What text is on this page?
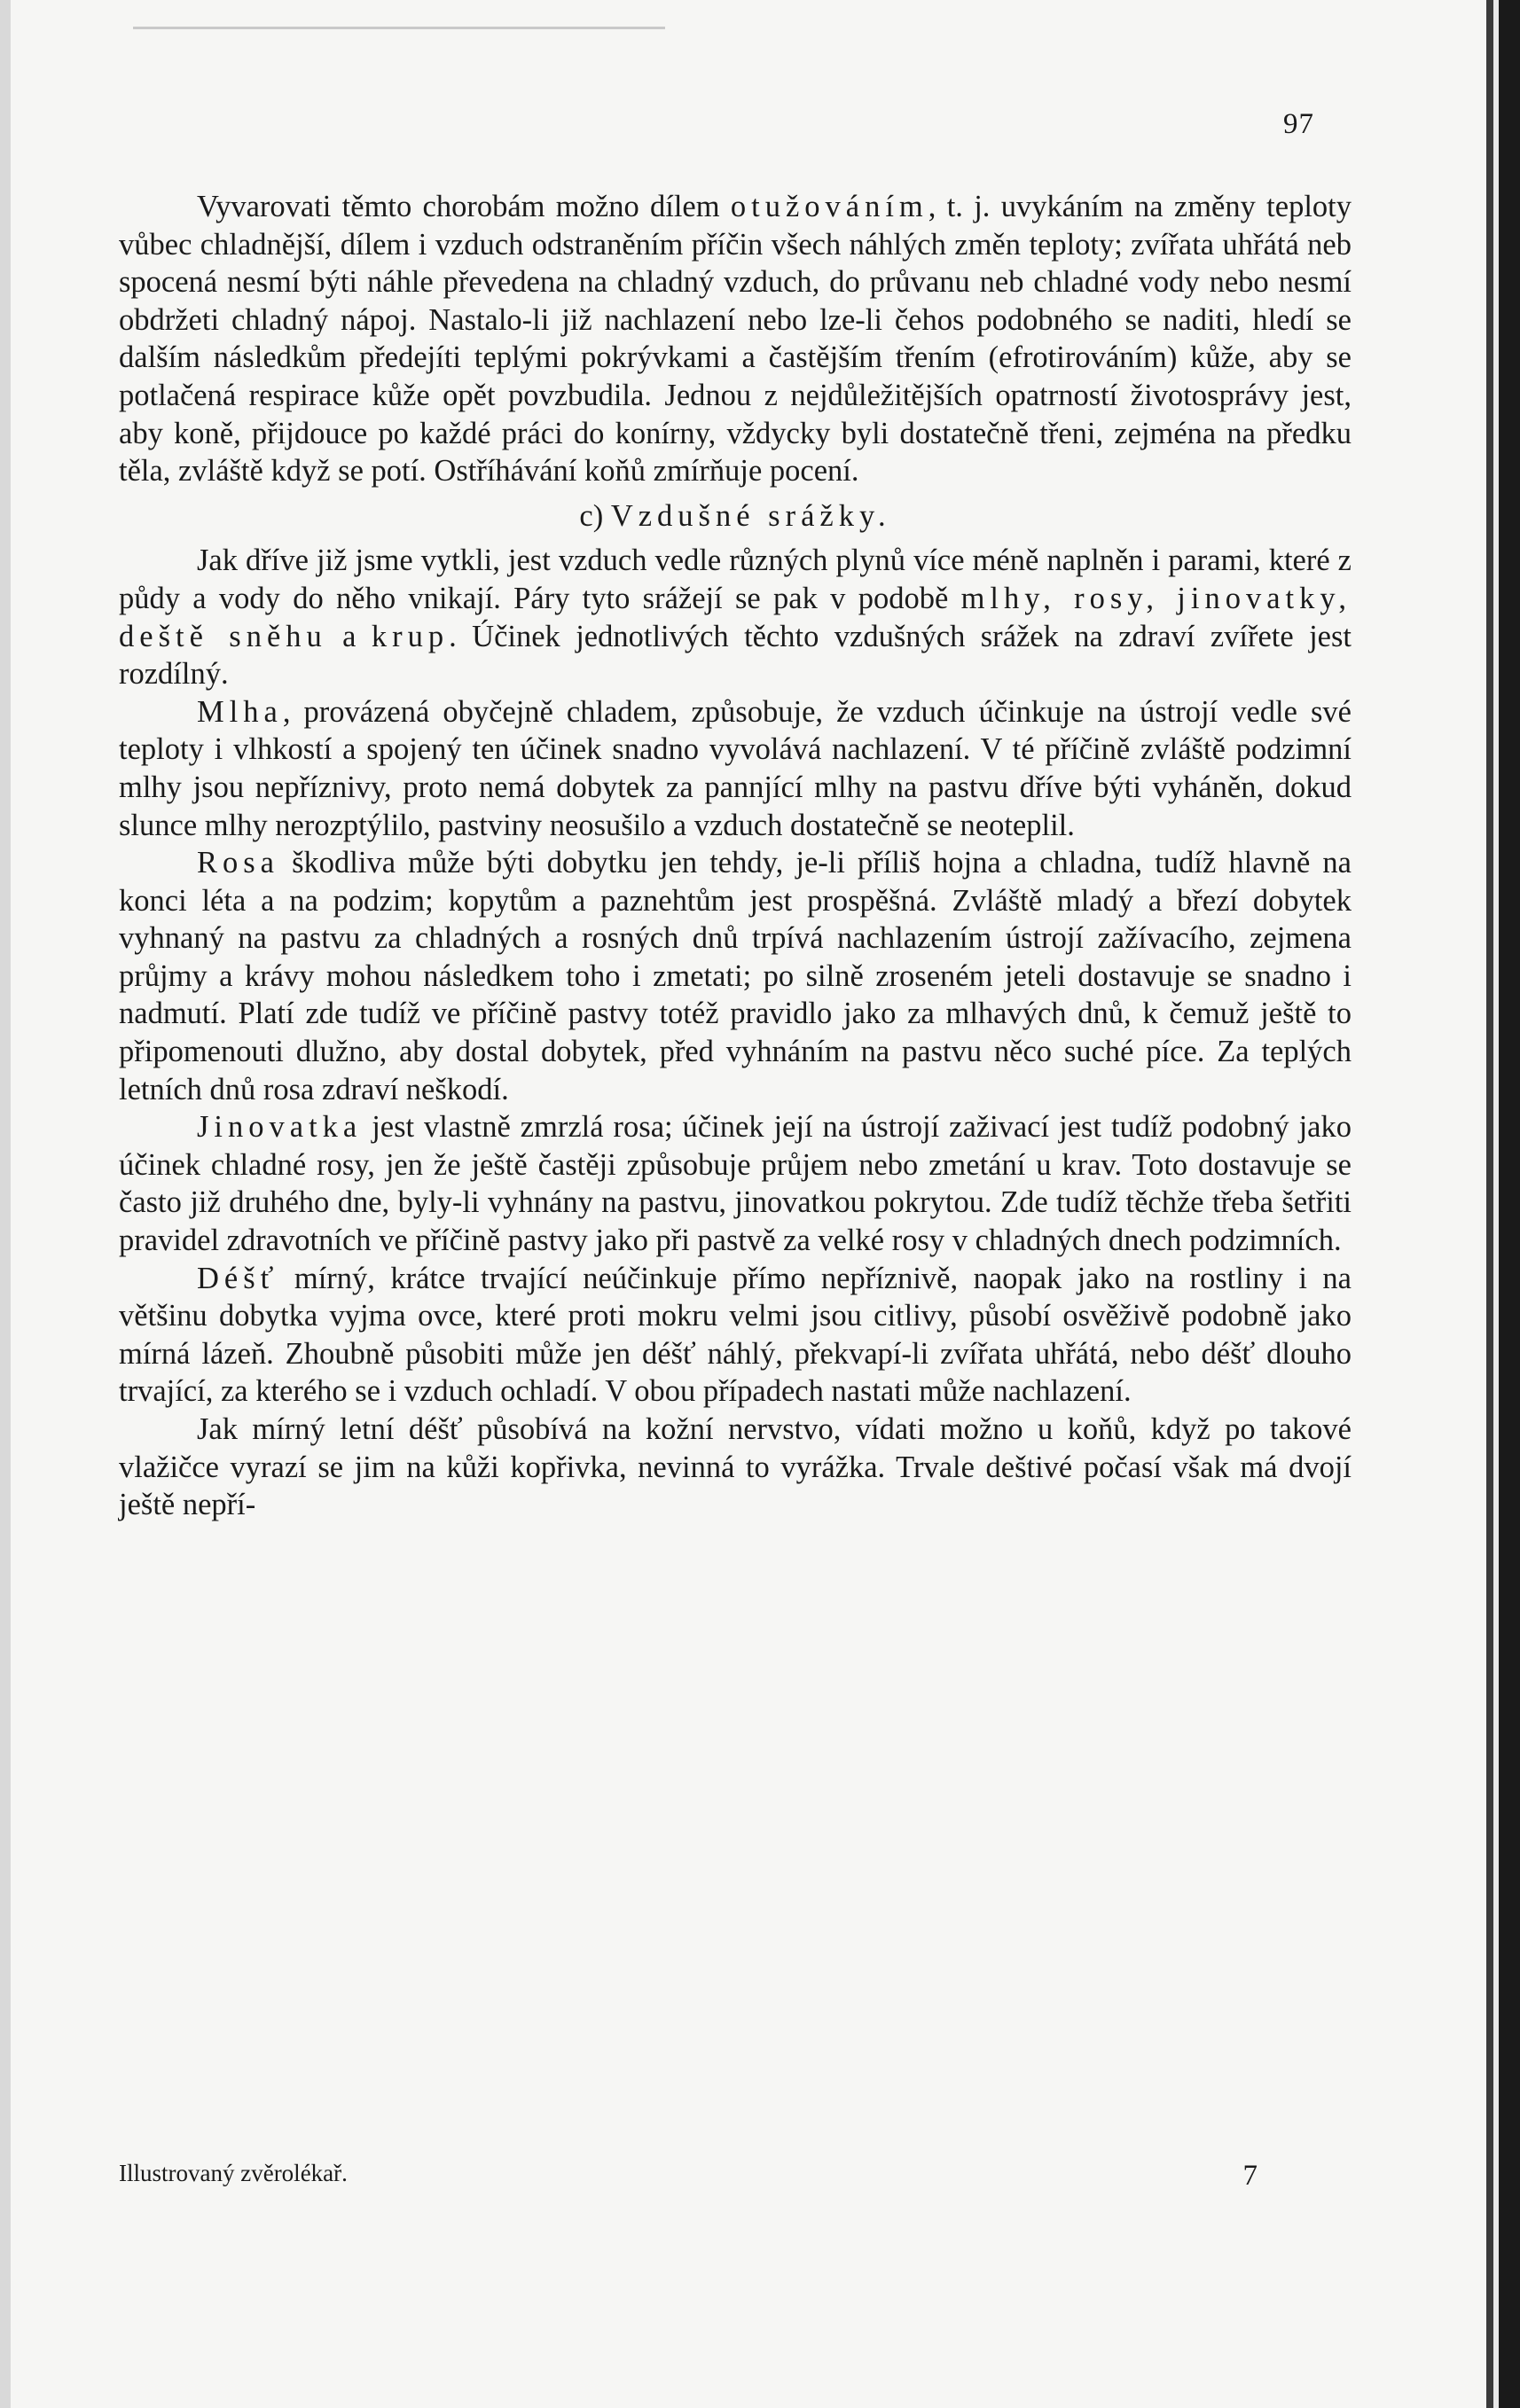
97

Vyvarovati těmto chorobám možno dílem otužováním, t. j. uvykáním na změny teploty vůbec chladnější, dílem i vzduch odstraněním příčin všech náhlých změn teploty; zvířata uhřátá neb spocená nesmí býti náhle převedena na chladný vzduch, do průvanu neb chladné vody nebo nesmí obdržeti chladný nápoj. Nastalo-li již nachlazení nebo lze-li čehos podobného se naditi, hledí se dalším následkům předejíti teplými pokrývkami a častějším třením (efrotirováním) kůže, aby se potlačená respirace kůže opět povzbudila. Jednou z nejdůležitějších opatrností životosprávy jest, aby koně, přijdouce po každé práci do konírny, vždycky byli dostatečně třeni, zejména na předku těla, zvláště když se potí. Ostříhávání koňů zmírňuje pocení.

c) Vzdušné srážky.

Jak dříve již jsme vytkli, jest vzduch vedle různých plynů více méně naplněn i parami, které z půdy a vody do něho vnikají. Páry tyto srážejí se pak v podobě mlhy, rosy, jinovatky, deště sněhu a krup. Účinek jednotlivých těchto vzdušných srážek na zdraví zvířete jest rozdílný.

Mlha, provázená obyčejně chladem, způsobuje, že vzduch účinkuje na ústrojí vedle své teploty i vlhkostí a spojený ten účinek snadno vyvolává nachlazení. V té příčině zvláště podzimní mlhy jsou nepříznivy, proto nemá dobytek za pannjící mlhy na pastvu dříve býti vyháněn, dokud slunce mlhy nerozptýlilo, pastviny neosušilo a vzduch dostatečně se neoteplil.

Rosa škodliva může býti dobytku jen tehdy, je-li příliš hojna a chladna, tudíž hlavně na konci léta a na podzim; kopytům a paznehtům jest prospěšná. Zvláště mladý a březí dobytek vyhnaný na pastvu za chladných a rosných dnů trpívá nachlazením ústrojí zažívacího, zejmena průjmy a krávy mohou následkem toho i zmetati; po silně zroseném jeteli dostavuje se snadno i nadmutí. Platí zde tudíž ve příčině pastvy totéž pravidlo jako za mlhavých dnů, k čemuž ještě to připomenouti dlužno, aby dostal dobytek, před vyhnáním na pastvu něco suché píce. Za teplých letních dnů rosa zdraví neškodí.

Jinovatka jest vlastně zmrzlá rosa; účinek její na ústrojí zaživací jest tudíž podobný jako účinek chladné rosy, jen že ještě častěji způsobuje průjem nebo zmetání u krav. Toto dostavuje se často již druhého dne, byly-li vyhnány na pastvu, jinovatkou pokrytou. Zde tudíž těchže třeba šetřiti pravidel zdravotních ve příčině pastvy jako při pastvě za velké rosy v chladných dnech podzimních.

Déšť mírný, krátce trvající neúčinkuje přímo nepříznivě, naopak jako na rostliny i na většinu dobytka vyjma ovce, které proti mokru velmi jsou citlivy, působí osvěživě podobně jako mírná lázeň. Zhoubně působiti může jen déšť náhlý, překvapí-li zvířata uhřátá, nebo déšť dlouho trvající, za kterého se i vzduch ochladí. V obou případech nastati může nachlazení.

Jak mírný letní déšť působívá na kožní nervstvo, vídati možno u koňů, když po takové vlažičce vyrazí se jim na kůži kopřivka, nevinná to vyrážka. Trvale deštivé počasí však má dvojí ještě nepří-

Illustrovaný zvěrolékař.	7
